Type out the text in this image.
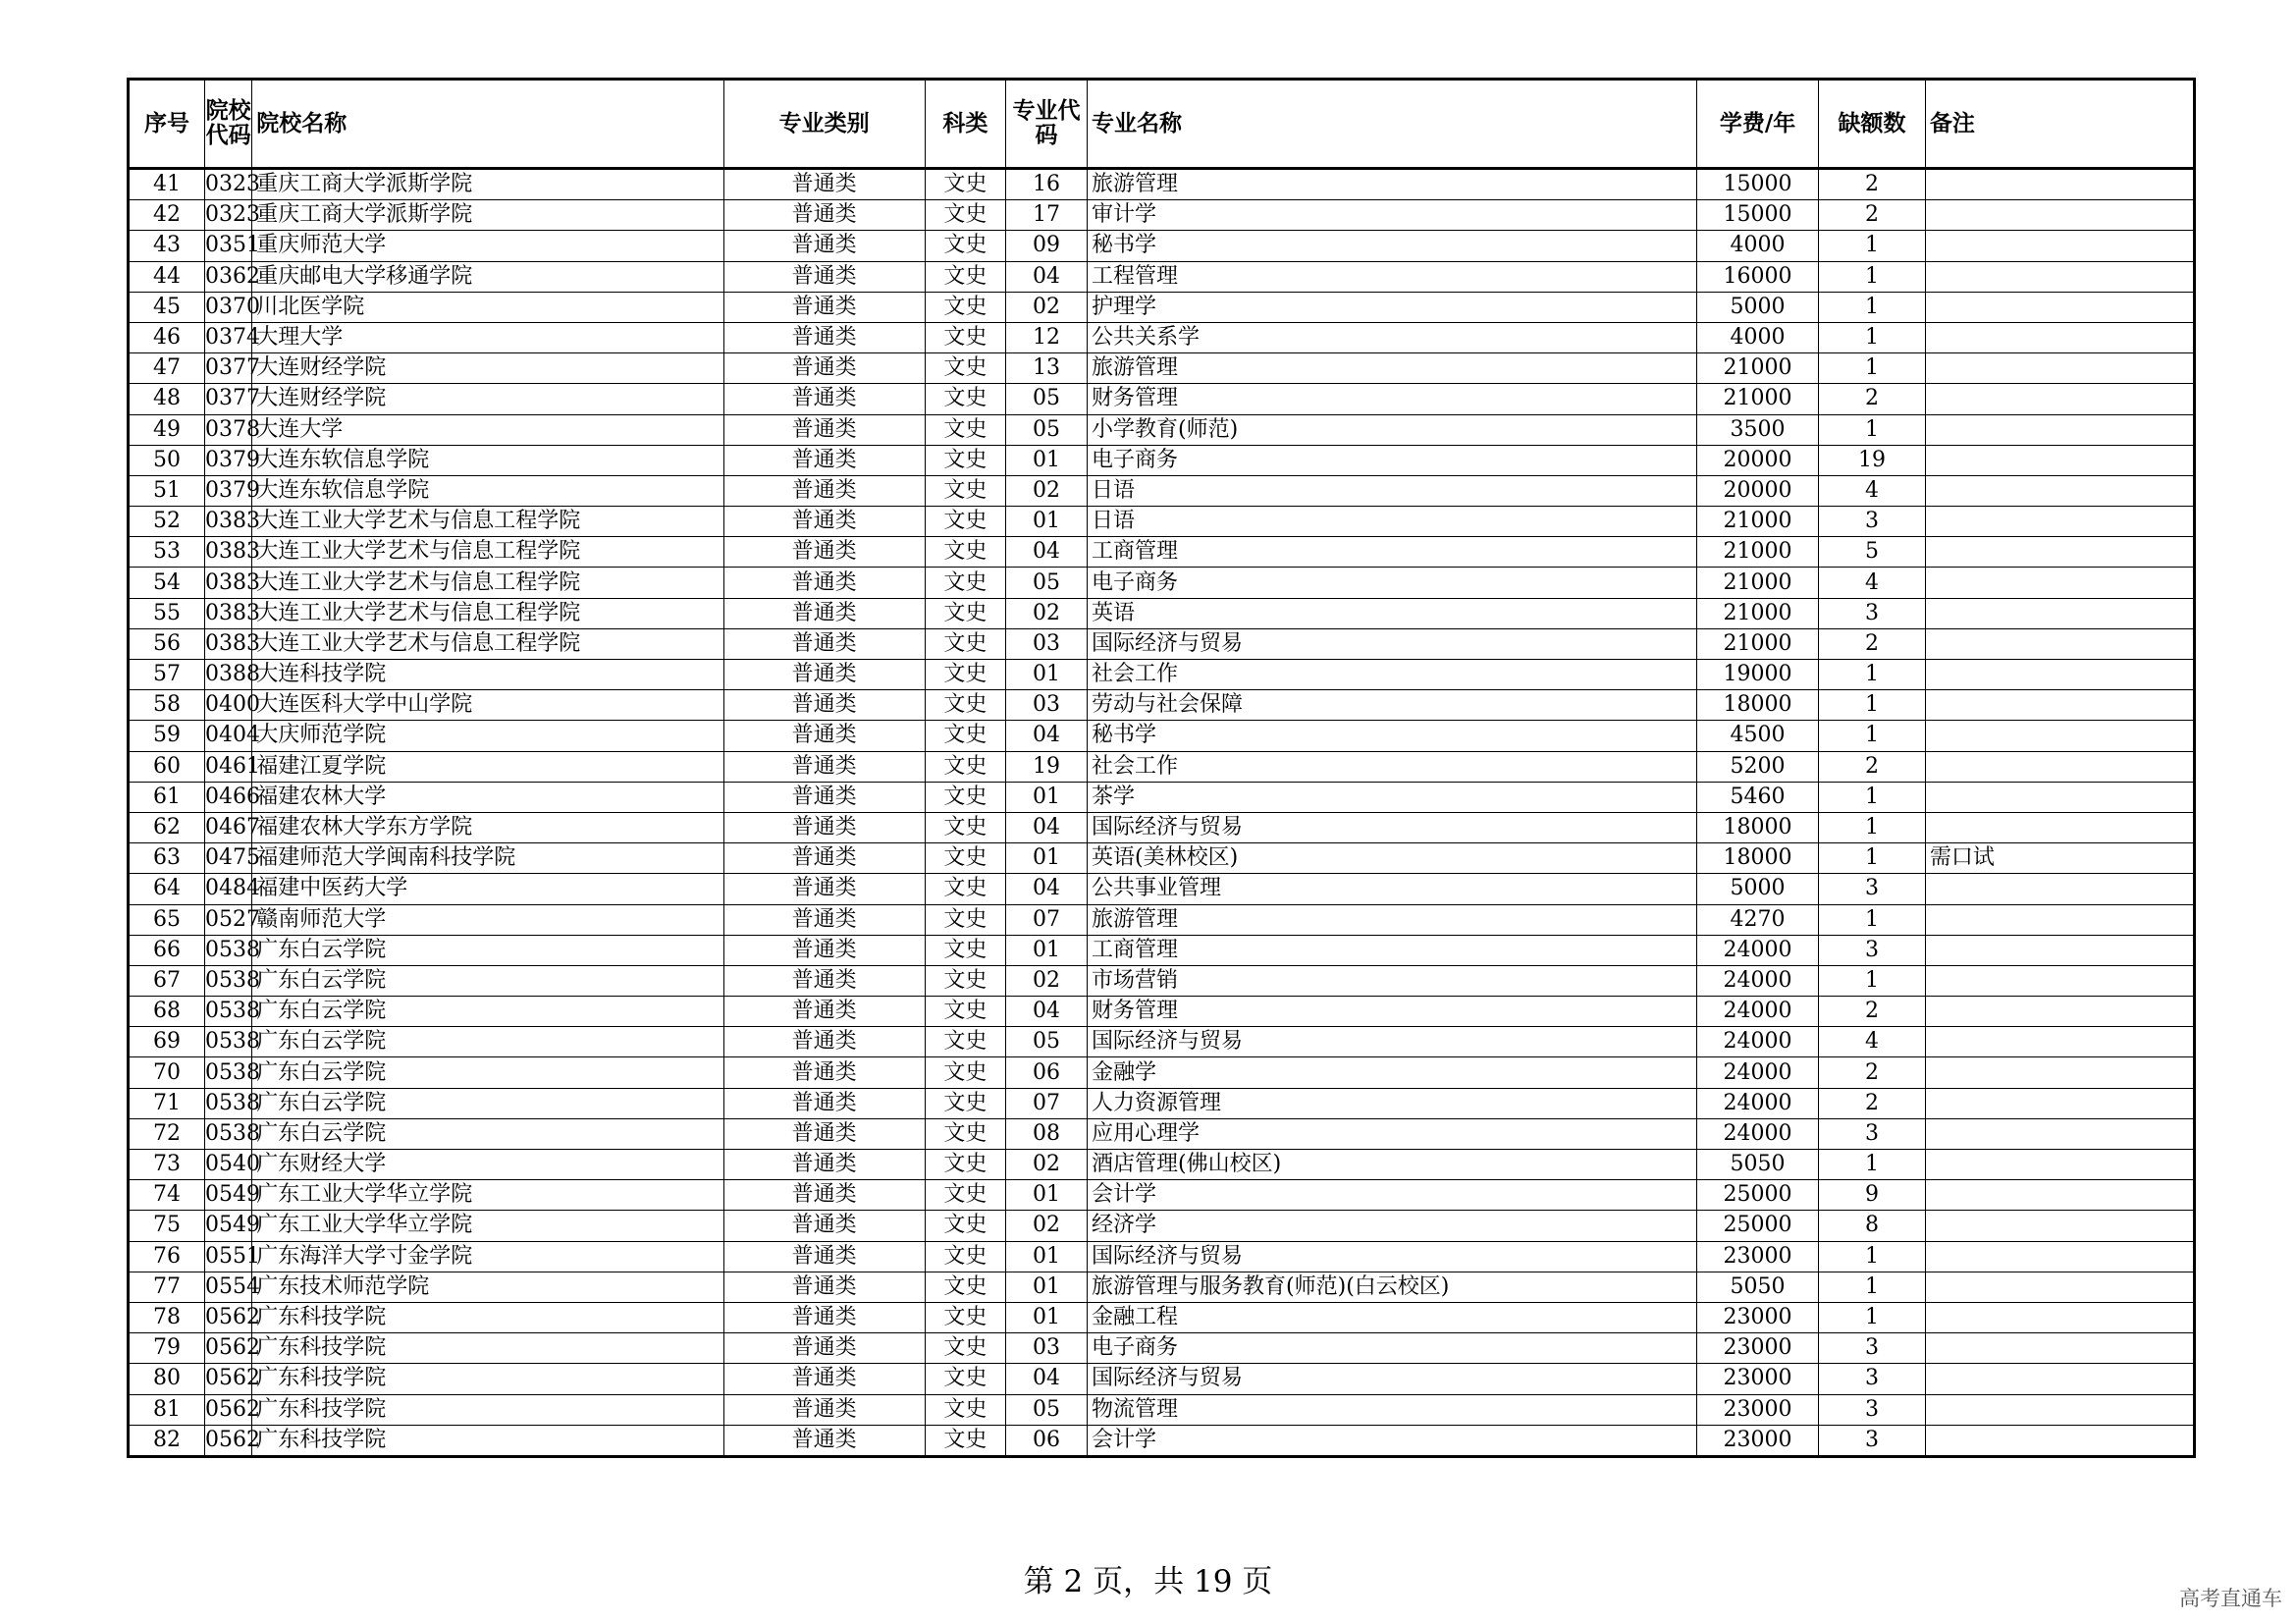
序号	院校代码	院校名称	专业类别	科类	专业代码	专业名称	学费/年	缺额数	备注
41	0323	重庆工商大学派斯学院	普通类	文史	16	旅游管理	15000	2	
42	0323	重庆工商大学派斯学院	普通类	文史	17	审计学	15000	2	
43	0351	重庆师范大学	普通类	文史	09	秘书学	4000	1	
44	0362	重庆邮电大学移通学院	普通类	文史	04	工程管理	16000	1	
45	0370	川北医学院	普通类	文史	02	护理学	5000	1	
46	0374	大理大学	普通类	文史	12	公共关系学	4000	1	
47	0377	大连财经学院	普通类	文史	13	旅游管理	21000	1	
48	0377	大连财经学院	普通类	文史	05	财务管理	21000	2	
49	0378	大连大学	普通类	文史	05	小学教育(师范)	3500	1	
50	0379	大连东软信息学院	普通类	文史	01	电子商务	20000	19	
51	0379	大连东软信息学院	普通类	文史	02	日语	20000	4	
52	0383	大连工业大学艺术与信息工程学院	普通类	文史	01	日语	21000	3	
53	0383	大连工业大学艺术与信息工程学院	普通类	文史	04	工商管理	21000	5	
54	0383	大连工业大学艺术与信息工程学院	普通类	文史	05	电子商务	21000	4	
55	0383	大连工业大学艺术与信息工程学院	普通类	文史	02	英语	21000	3	
56	0383	大连工业大学艺术与信息工程学院	普通类	文史	03	国际经济与贸易	21000	2	
57	0388	大连科技学院	普通类	文史	01	社会工作	19000	1	
58	0400	大连医科大学中山学院	普通类	文史	03	劳动与社会保障	18000	1	
59	0404	大庆师范学院	普通类	文史	04	秘书学	4500	1	
60	0461	福建江夏学院	普通类	文史	19	社会工作	5200	2	
61	0466	福建农林大学	普通类	文史	01	茶学	5460	1	
62	0467	福建农林大学东方学院	普通类	文史	04	国际经济与贸易	18000	1	
63	0475	福建师范大学闽南科技学院	普通类	文史	01	英语(美林校区)	18000	1	需口试
64	0484	福建中医药大学	普通类	文史	04	公共事业管理	5000	3	
65	0527	赣南师范大学	普通类	文史	07	旅游管理	4270	1	
66	0538	广东白云学院	普通类	文史	01	工商管理	24000	3	
67	0538	广东白云学院	普通类	文史	02	市场营销	24000	1	
68	0538	广东白云学院	普通类	文史	04	财务管理	24000	2	
69	0538	广东白云学院	普通类	文史	05	国际经济与贸易	24000	4	
70	0538	广东白云学院	普通类	文史	06	金融学	24000	2	
71	0538	广东白云学院	普通类	文史	07	人力资源管理	24000	2	
72	0538	广东白云学院	普通类	文史	08	应用心理学	24000	3	
73	0540	广东财经大学	普通类	文史	02	酒店管理(佛山校区)	5050	1	
74	0549	广东工业大学华立学院	普通类	文史	01	会计学	25000	9	
75	0549	广东工业大学华立学院	普通类	文史	02	经济学	25000	8	
76	0551	广东海洋大学寸金学院	普通类	文史	01	国际经济与贸易	23000	1	
77	0554	广东技术师范学院	普通类	文史	01	旅游管理与服务教育(师范)(白云校区)	5050	1	
78	0562	广东科技学院	普通类	文史	01	金融工程	23000	1	
79	0562	广东科技学院	普通类	文史	03	电子商务	23000	3	
80	0562	广东科技学院	普通类	文史	04	国际经济与贸易	23000	3	
81	0562	广东科技学院	普通类	文史	05	物流管理	23000	3	
82	0562	广东科技学院	普通类	文史	06	会计学	23000	3	
第 2 页，共 19 页	高考直通车
